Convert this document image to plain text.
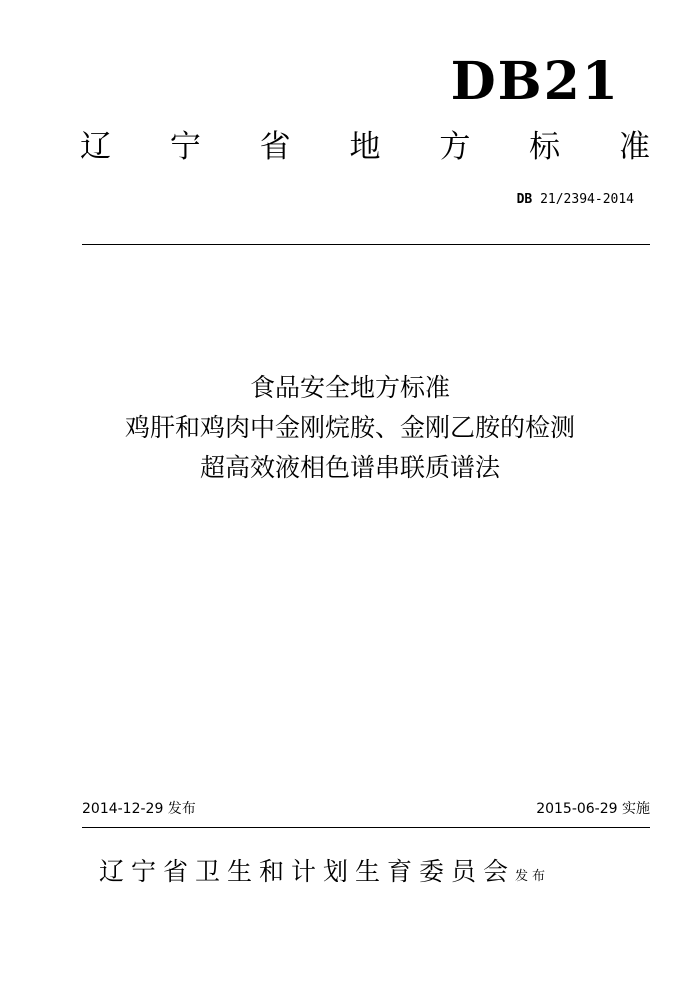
DB21
辽 宁 省 地 方 标 准
DB 21/2394-2014
食品安全地方标准
鸡肝和鸡肉中金刚烷胺、金刚乙胺的检测
超高效液相色谱串联质谱法
2014-12-29 发布	2015-06-29 实施
辽宁省卫生和计划生育委员会发布
